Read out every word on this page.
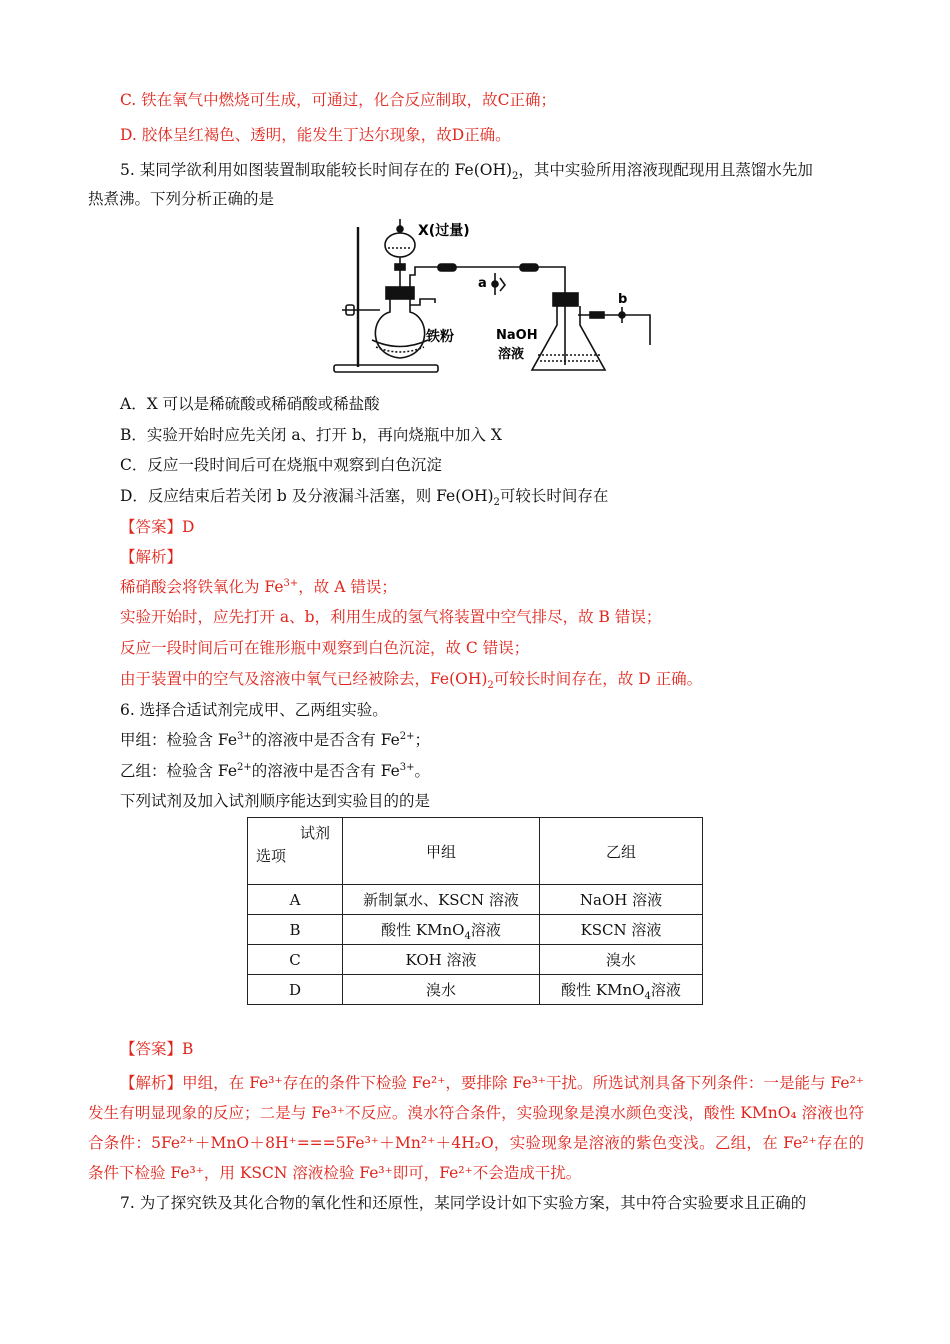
C. 铁在氧气中燃烧可生成，可通过，化合反应制取，故C正确；
D. 胶体呈红褐色、透明，能发生丁达尔现象，故D正确。
5. 某同学欲利用如图装置制取能较长时间存在的 $Fe(OH)_2$，其中实验所用溶液现配现用且蒸馏水先加
热煮沸。下列分析正确的是
X(过量)
a
b
铁粉	NaOH
溶液
A．X 可以是稀硫酸或稀硝酸或稀盐酸
B．实验开始时应先关闭 a、打开 b，再向烧瓶中加入 X
C．反应一段时间后可在烧瓶中观察到白色沉淀
D．反应结束后若关闭 b 及分液漏斗活塞，则 $Fe(OH)_2$可较长时间存在
【答案】D
【解析】
稀硝酸会将铁氧化为 $Fe^{3+}$，故 A 错误；
实验开始时，应先打开 a、b，利用生成的氢气将装置中空气排尽，故 B 错误；
反应一段时间后可在锥形瓶中观察到白色沉淀，故 C 错误；
由于装置中的空气及溶液中氧气已经被除去，$Fe(OH)_2$可较长时间存在，故 D 正确。
6. 选择合适试剂完成甲、乙两组实验。
甲组：检验含 $Fe^{3+}$的溶液中是否含有 $Fe^{2+}$；
乙组：检验含 $Fe^{2+}$的溶液中是否含有 $Fe^{3+}$。
下列试剂及加入试剂顺序能达到实验目的的是
试剂
选项	甲组	乙组
A	新制氯水、KSCN 溶液	NaOH 溶液
B	酸性 KMnO$_4$溶液	KSCN 溶液
C	KOH 溶液	溴水
D	溴水	酸性 KMnO$_4$溶液
【答案】B
【解析】甲组，在 Fe³⁺存在的条件下检验 Fe²⁺，要排除 Fe³⁺干扰。所选试剂具备下列条件：一是能与 Fe²⁺发生有明显现象的反应；二是与 Fe³⁺不反应。溴水符合条件，实验现象是溴水颜色变浅，酸性 KMnO₄ 溶液也符合条件：5Fe²⁺＋MnO＋8H⁺===5Fe³⁺＋Mn²⁺＋4H₂O，实验现象是溶液的紫色变浅。乙组，在 Fe²⁺存在的条件下检验 Fe³⁺，用 KSCN 溶液检验 Fe³⁺即可，Fe²⁺不会造成干扰。
7. 为了探究铁及其化合物的氧化性和还原性，某同学设计如下实验方案，其中符合实验要求且正确的
